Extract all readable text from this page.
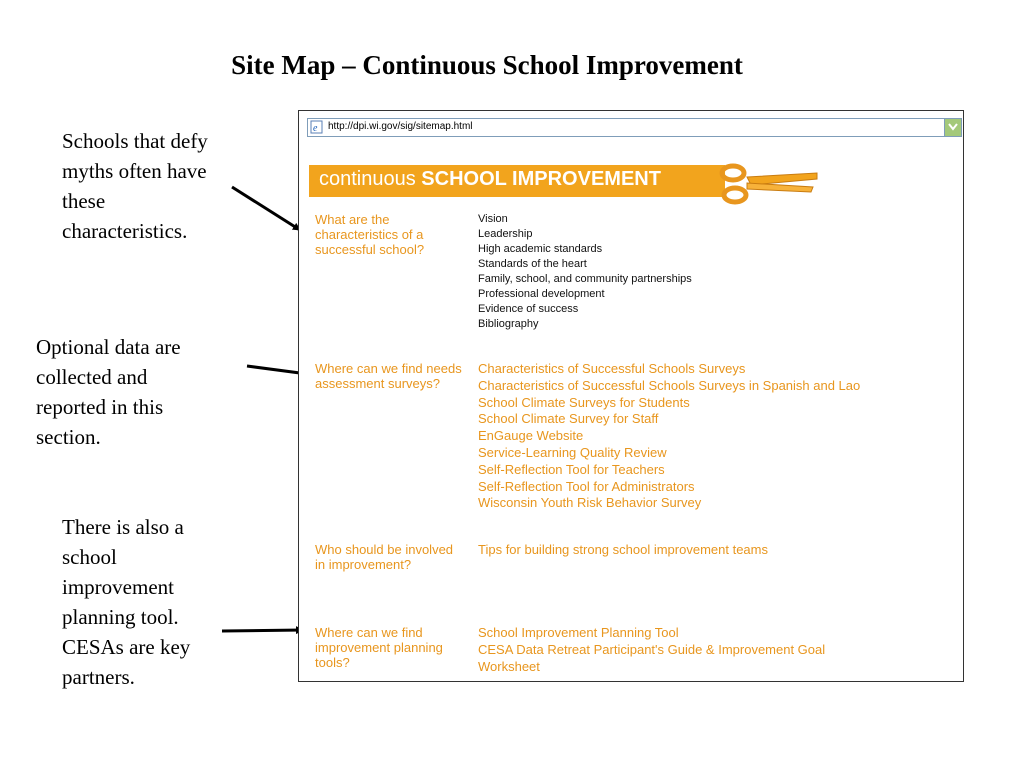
Site Map – Continuous School Improvement

Schools that defy myths often have these characteristics.

Optional data are collected and reported in this section.

There is also a school improvement planning tool. CESAs are key partners.

e http://dpi.wi.gov/sig/sitemap.html
continuous SCHOOL IMPROVEMENT

What are the characteristics of a successful school?

Vision
Leadership
High academic standards
Standards of the heart
Family, school, and community partnerships
Professional development
Evidence of success
Bibliography

Where can we find needs assessment surveys?

Characteristics of Successful Schools Surveys
Characteristics of Successful Schools Surveys in Spanish and Lao
School Climate Surveys for Students
School Climate Survey for Staff
EnGauge Website
Service-Learning Quality Review
Self-Reflection Tool for Teachers
Self-Reflection Tool for Administrators
Wisconsin Youth Risk Behavior Survey

Who should be involved in improvement?

Tips for building strong school improvement teams

Where can we find improvement planning tools?

School Improvement Planning Tool
CESA Data Retreat Participant's Guide & Improvement Goal
Worksheet
